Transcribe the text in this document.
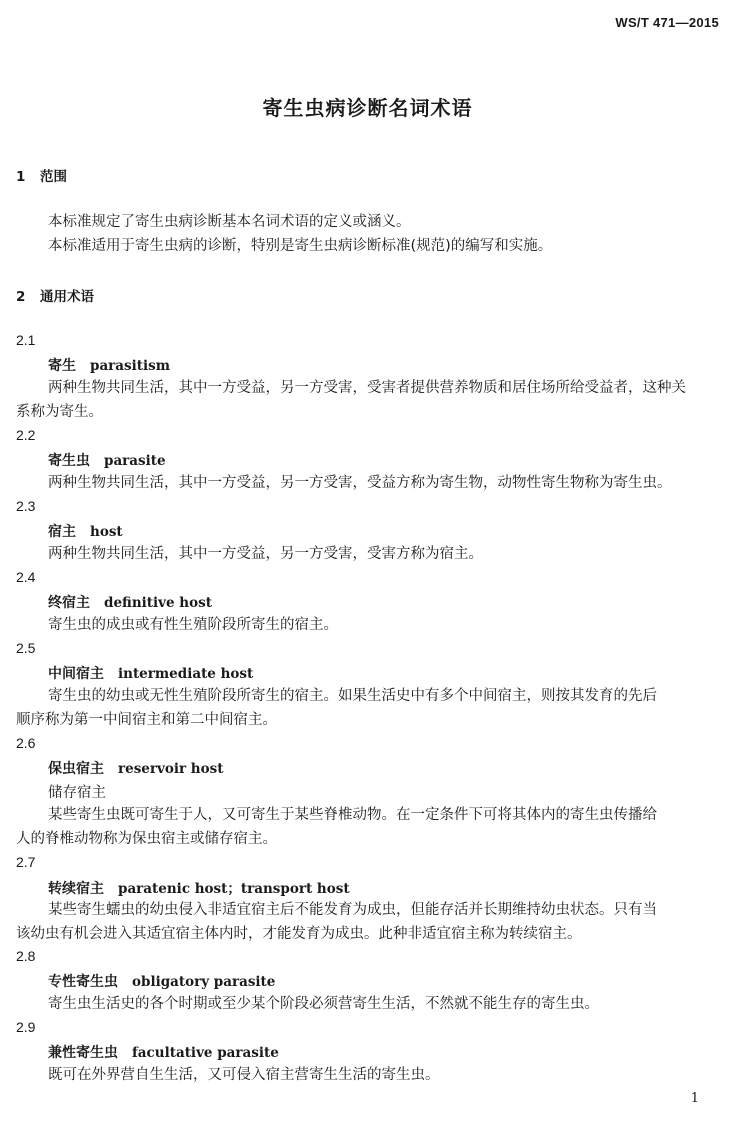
WS/T 471—2015
寄生虫病诊断名词术语
1 范围
本标准规定了寄生虫病诊断基本名词术语的定义或涵义。
本标准适用于寄生虫病的诊断，特别是寄生虫病诊断标准(规范)的编写和实施。
2 通用术语
2.1
寄生 parasitism
两种生物共同生活，其中一方受益，另一方受害，受害者提供营养物质和居住场所给受益者，这种关
系称为寄生。
2.2
寄生虫 parasite
两种生物共同生活，其中一方受益，另一方受害，受益方称为寄生物，动物性寄生物称为寄生虫。
2.3
宿主 host
两种生物共同生活，其中一方受益，另一方受害，受害方称为宿主。
2.4
终宿主 definitive host
寄生虫的成虫或有性生殖阶段所寄生的宿主。
2.5
中间宿主 intermediate host
寄生虫的幼虫或无性生殖阶段所寄生的宿主。如果生活史中有多个中间宿主，则按其发育的先后
顺序称为第一中间宿主和第二中间宿主。
2.6
保虫宿主 reservoir host
储存宿主
某些寄生虫既可寄生于人，又可寄生于某些脊椎动物。在一定条件下可将其体内的寄生虫传播给
人的脊椎动物称为保虫宿主或储存宿主。
2.7
转续宿主 paratenic host；transport host
某些寄生蠕虫的幼虫侵入非适宜宿主后不能发育为成虫，但能存活并长期维持幼虫状态。只有当
该幼虫有机会进入其适宜宿主体内时，才能发育为成虫。此种非适宜宿主称为转续宿主。
2.8
专性寄生虫 obligatory parasite
寄生虫生活史的各个时期或至少某个阶段必须营寄生生活，不然就不能生存的寄生虫。
2.9
兼性寄生虫 facultative parasite
既可在外界营自生生活，又可侵入宿主营寄生生活的寄生虫。
1
